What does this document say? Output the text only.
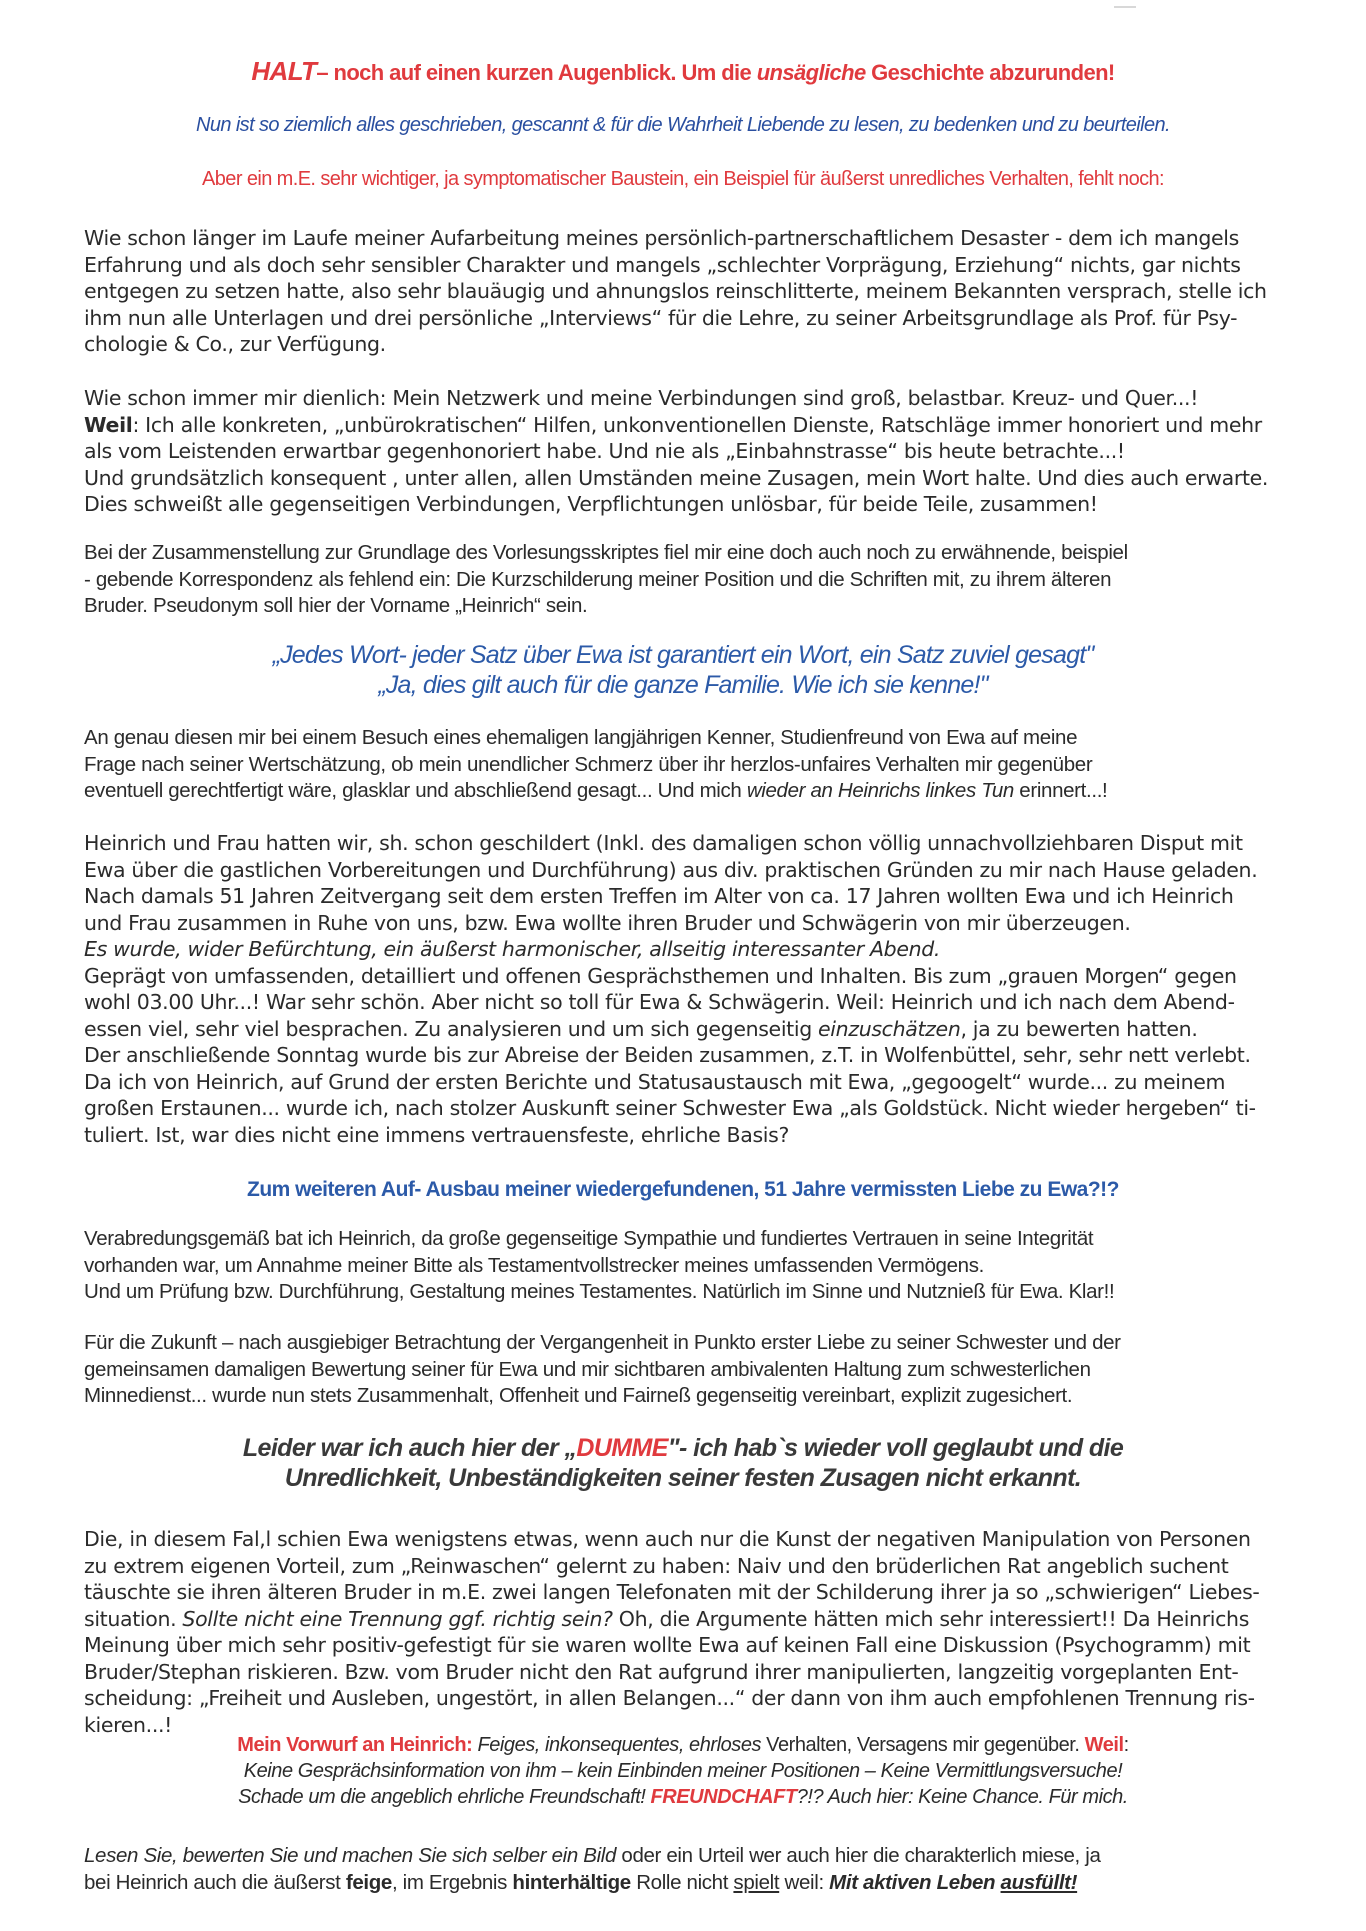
HALT– noch auf einen kurzen Augenblick. Um die unsägliche Geschichte abzurunden!
Nun ist so ziemlich alles geschrieben, gescannt & für die Wahrheit Liebende zu lesen, zu bedenken und zu beurteilen.
Aber ein m.E. sehr wichtiger, ja symptomatischer Baustein, ein Beispiel für äußerst unredliches Verhalten, fehlt noch:
Wie schon länger im Laufe meiner Aufarbeitung meines persönlich-partnerschaftlichem Desaster - dem ich mangels
Erfahrung und als doch sehr sensibler Charakter und mangels „schlechter Vorprägung, Erziehung“ nichts, gar nichts
entgegen zu setzen hatte, also sehr blauäugig und ahnungslos reinschlitterte, meinem Bekannten versprach, stelle ich
ihm nun alle Unterlagen und drei persönliche „Interviews“ für die Lehre, zu seiner Arbeitsgrundlage als Prof. für Psy-
chologie & Co., zur Verfügung.
Wie schon immer mir dienlich: Mein Netzwerk und meine Verbindungen sind groß, belastbar. Kreuz- und Quer...!
Weil: Ich alle konkreten, „unbürokratischen“ Hilfen, unkonventionellen Dienste, Ratschläge immer honoriert und mehr
als vom Leistenden erwartbar gegenhonoriert habe. Und nie als „Einbahnstrasse“ bis heute betrachte...!
Und grundsätzlich konsequent , unter allen, allen Umständen meine Zusagen, mein Wort halte. Und dies auch erwarte.
Dies schweißt alle gegenseitigen Verbindungen, Verpflichtungen unlösbar, für beide Teile, zusammen!
Bei der Zusammenstellung zur Grundlage des Vorlesungsskriptes fiel mir eine doch auch noch zu erwähnende, beispiel
- gebende Korrespondenz als fehlend ein: Die Kurzschilderung meiner Position und die Schriften mit, zu ihrem älteren
Bruder. Pseudonym soll hier der Vorname „Heinrich“ sein.
„Jedes Wort- jeder Satz über Ewa ist garantiert ein Wort, ein Satz zuviel gesagt"
„Ja, dies gilt auch für die ganze Familie. Wie ich sie kenne!"
An genau diesen mir bei einem Besuch eines ehemaligen langjährigen Kenner, Studienfreund von Ewa auf meine
Frage nach seiner Wertschätzung, ob mein unendlicher Schmerz über ihr herzlos-unfaires Verhalten mir gegenüber
eventuell gerechtfertigt wäre, glasklar und abschließend gesagt... Und mich wieder an Heinrichs linkes Tun erinnert...!
Heinrich und Frau hatten wir, sh. schon geschildert (Inkl. des damaligen schon völlig unnachvollziehbaren Disput mit
Ewa über die gastlichen Vorbereitungen und Durchführung) aus div. praktischen Gründen zu mir nach Hause geladen.
Nach damals 51 Jahren Zeitvergang seit dem ersten Treffen im Alter von ca. 17 Jahren wollten Ewa und ich Heinrich
und Frau zusammen in Ruhe von uns, bzw. Ewa wollte ihren Bruder und Schwägerin von mir überzeugen.
Es wurde, wider Befürchtung, ein äußerst harmonischer, allseitig interessanter Abend.
Geprägt von umfassenden, detailliert und offenen Gesprächsthemen und Inhalten. Bis zum „grauen Morgen“ gegen
wohl 03.00 Uhr...! War sehr schön. Aber nicht so toll für Ewa & Schwägerin. Weil: Heinrich und ich nach dem Abend-
essen viel, sehr viel besprachen. Zu analysieren und um sich gegenseitig einzuschätzen, ja zu bewerten hatten.
Der anschließende Sonntag wurde bis zur Abreise der Beiden zusammen, z.T. in Wolfenbüttel, sehr, sehr nett verlebt.
Da ich von Heinrich, auf Grund der ersten Berichte und Statusaustausch mit Ewa, „gegoogelt“ wurde... zu meinem
großen Erstaunen... wurde ich, nach stolzer Auskunft seiner Schwester Ewa „als Goldstück. Nicht wieder hergeben“ ti-
tuliert. Ist, war dies nicht eine immens vertrauensfeste, ehrliche Basis?
Zum weiteren Auf- Ausbau meiner wiedergefundenen, 51 Jahre vermissten Liebe zu Ewa?!?
Verabredungsgemäß bat ich Heinrich, da große gegenseitige Sympathie und fundiertes Vertrauen in seine Integrität
vorhanden war, um Annahme meiner Bitte als Testamentvollstrecker meines umfassenden Vermögens.
Und um Prüfung bzw. Durchführung, Gestaltung meines Testamentes. Natürlich im Sinne und Nutznieß für Ewa. Klar!!
Für die Zukunft – nach ausgiebiger Betrachtung der Vergangenheit in Punkto erster Liebe zu seiner Schwester und der
gemeinsamen damaligen Bewertung seiner für Ewa und mir sichtbaren ambivalenten Haltung zum schwesterlichen
Minnedienst... wurde nun stets Zusammenhalt, Offenheit und Fairneß gegenseitig vereinbart, explizit zugesichert.
Leider war ich auch hier der „DUMME"- ich hab`s wieder voll geglaubt und die
Unredlichkeit, Unbeständigkeiten seiner festen Zusagen nicht erkannt.
Die, in diesem Fal,l schien Ewa wenigstens etwas, wenn auch nur die Kunst der negativen Manipulation von Personen
zu extrem eigenen Vorteil, zum „Reinwaschen“ gelernt zu haben: Naiv und den brüderlichen Rat angeblich suchent
täuschte sie ihren älteren Bruder in m.E. zwei langen Telefonaten mit der Schilderung ihrer ja so „schwierigen“ Liebes-
situation. Sollte nicht eine Trennung ggf. richtig sein? Oh, die Argumente hätten mich sehr interessiert!! Da Heinrichs
Meinung über mich sehr positiv-gefestigt für sie waren wollte Ewa auf keinen Fall eine Diskussion (Psychogramm) mit
Bruder/Stephan riskieren. Bzw. vom Bruder nicht den Rat aufgrund ihrer manipulierten, langzeitig vorgeplanten Ent-
scheidung: „Freiheit und Ausleben, ungestört, in allen Belangen...“ der dann von ihm auch empfohlenen Trennung ris-
kieren...!
Mein Vorwurf an Heinrich: Feiges, inkonsequentes, ehrloses Verhalten, Versagens mir gegenüber. Weil:
Keine Gesprächsinformation von ihm – kein Einbinden meiner Positionen – Keine Vermittlungsversuche!
Schade um die angeblich ehrliche Freundschaft! FREUNDCHAFT?!? Auch hier: Keine Chance. Für mich.
Lesen Sie, bewerten Sie und machen Sie sich selber ein Bild oder ein Urteil wer auch hier die charakterlich miese, ja
bei Heinrich auch die äußerst feige, im Ergebnis hinterhältige Rolle nicht spielt weil: Mit aktiven Leben ausfüllt!
